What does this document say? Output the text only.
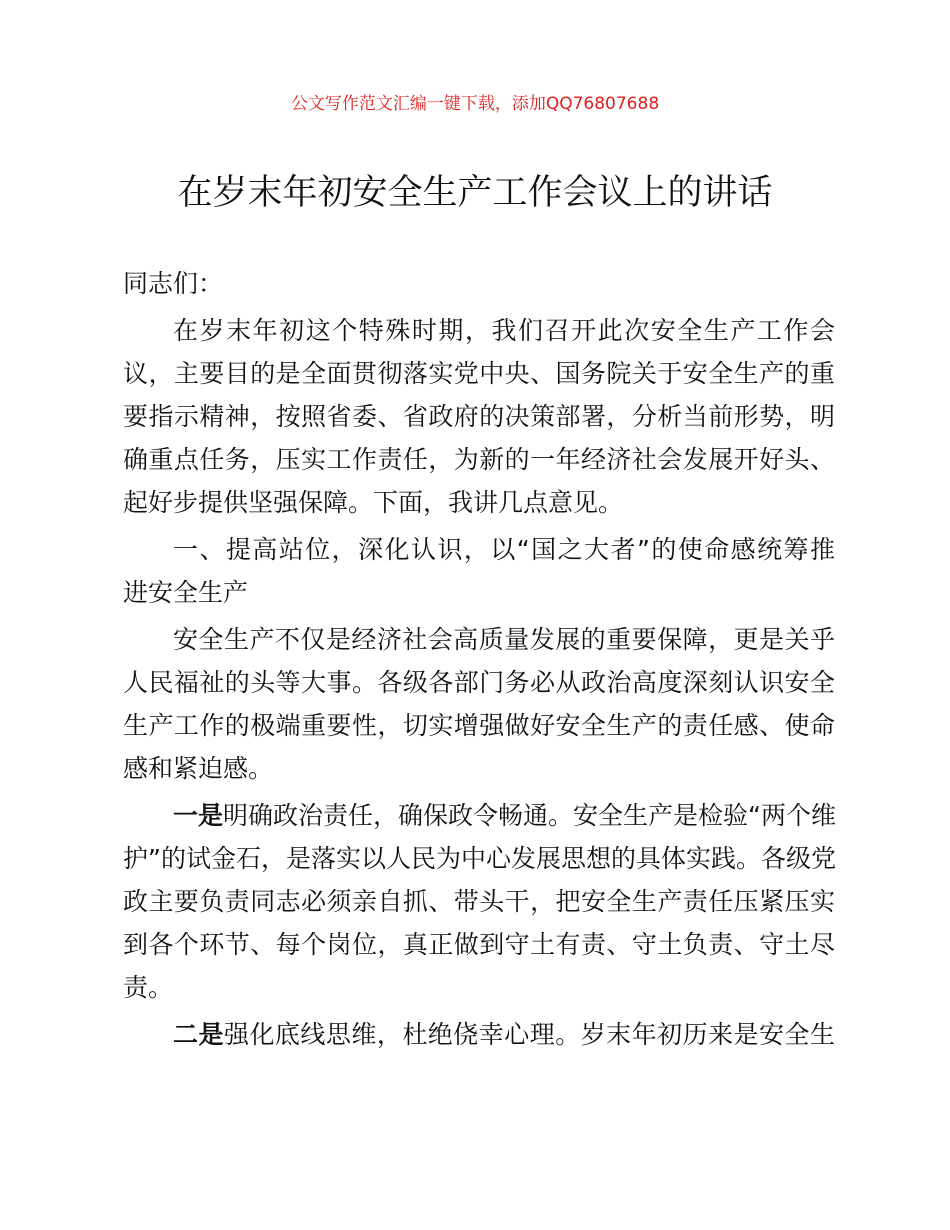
公文写作范文汇编一键下载，添加QQ76807688
在岁末年初安全生产工作会议上的讲话
同志们：
在岁末年初这个特殊时期，我们召开此次安全生产工作会
议，主要目的是全面贯彻落实党中央、国务院关于安全生产的重
要指示精神，按照省委、省政府的决策部署，分析当前形势，明
确重点任务，压实工作责任，为新的一年经济社会发展开好头、
起好步提供坚强保障。下面，我讲几点意见。
一、提高站位，深化认识，以“国之大者”的使命感统筹推
进安全生产
安全生产不仅是经济社会高质量发展的重要保障，更是关乎
人民福祉的头等大事。各级各部门务必从政治高度深刻认识安全
生产工作的极端重要性，切实增强做好安全生产的责任感、使命
感和紧迫感。
一是明确政治责任，确保政令畅通。安全生产是检验“两个维
护”的试金石，是落实以人民为中心发展思想的具体实践。各级党
政主要负责同志必须亲自抓、带头干，把安全生产责任压紧压实
到各个环节、每个岗位，真正做到守土有责、守土负责、守土尽
责。
二是强化底线思维，杜绝侥幸心理。岁末年初历来是安全生
